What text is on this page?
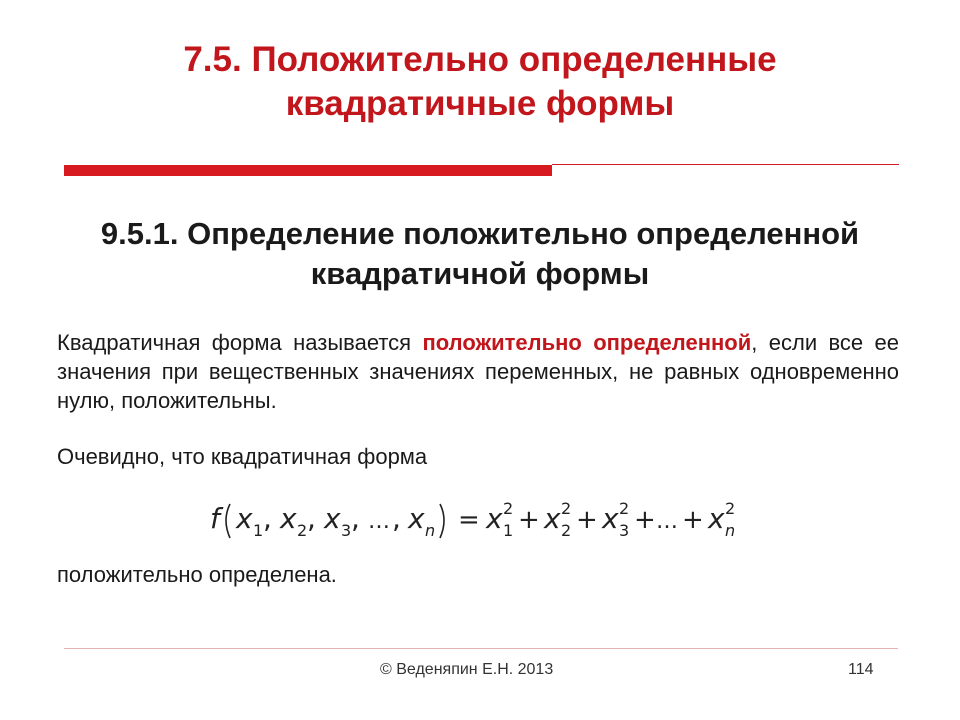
7.5. Положительно определенные
квадратичные формы
9.5.1. Определение положительно определенной
квадратичной формы
Квадратичная форма называется положительно определенной, если все ее значения при вещественных значениях переменных, не равных одновременно нулю, положительны.
Очевидно, что квадратичная форма
f x 1 , x 2 , x 3 , … , x n = x 2
1 + x 2
2 + x 2
3 + … + x 2
n
положительно определена.
© Веденяпин Е.Н. 2013	114
